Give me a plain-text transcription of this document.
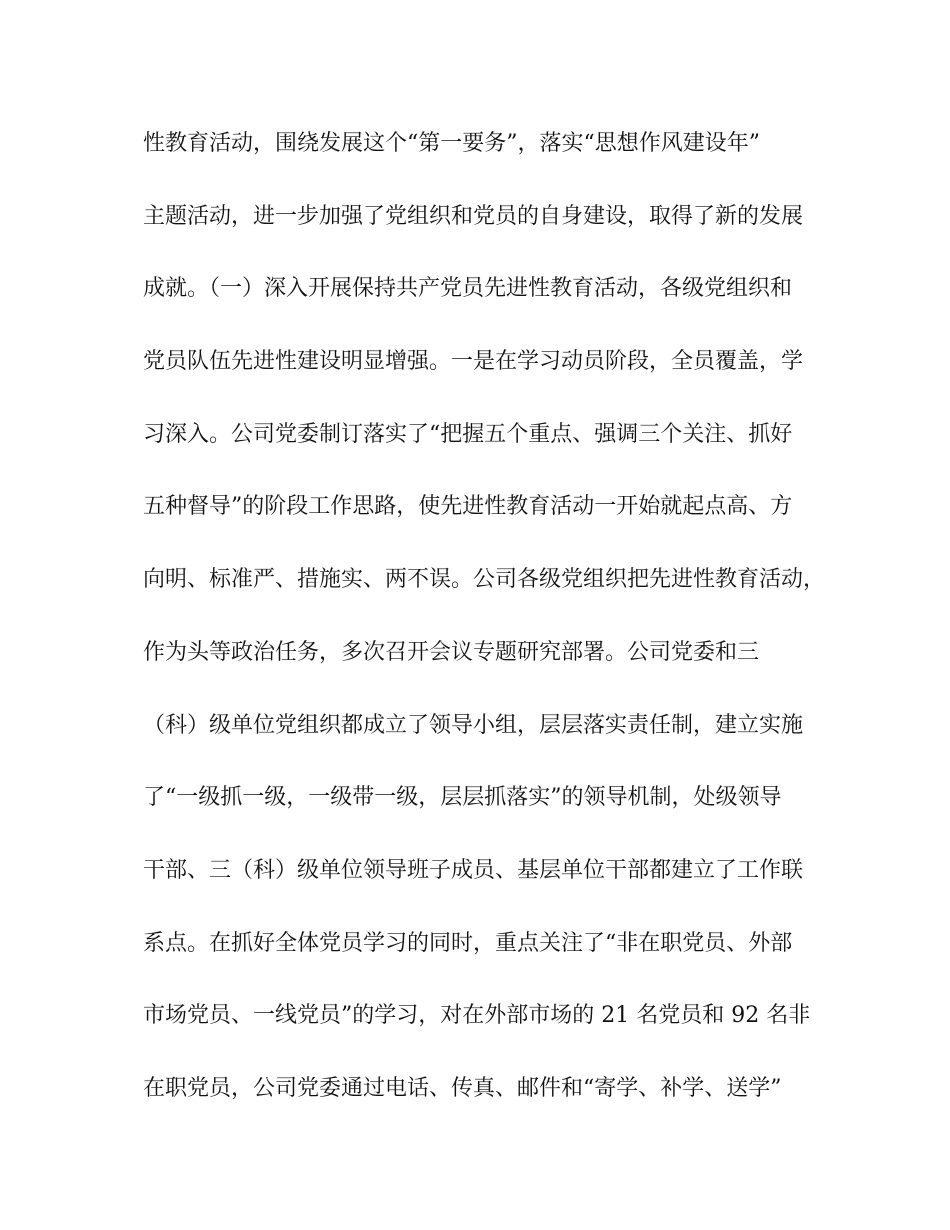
性教育活动，围绕发展这个“第一要务”，落实“思想作风建设年”
主题活动，进一步加强了党组织和党员的自身建设，取得了新的发展
成就。（一）深入开展保持共产党员先进性教育活动，各级党组织和
党员队伍先进性建设明显增强。一是在学习动员阶段，全员覆盖，学
习深入。公司党委制订落实了“把握五个重点、强调三个关注、抓好
五种督导”的阶段工作思路，使先进性教育活动一开始就起点高、方
向明、标准严、措施实、两不误。公司各级党组织把先进性教育活动，
作为头等政治任务，多次召开会议专题研究部署。公司党委和三
（科）级单位党组织都成立了领导小组，层层落实责任制，建立实施
了“一级抓一级，一级带一级，层层抓落实”的领导机制，处级领导
干部、三（科）级单位领导班子成员、基层单位干部都建立了工作联
系点。在抓好全体党员学习的同时，重点关注了“非在职党员、外部
市场党员、一线党员”的学习，对在外部市场的 21 名党员和 92 名非
在职党员，公司党委通过电话、传真、邮件和“寄学、补学、送学”
